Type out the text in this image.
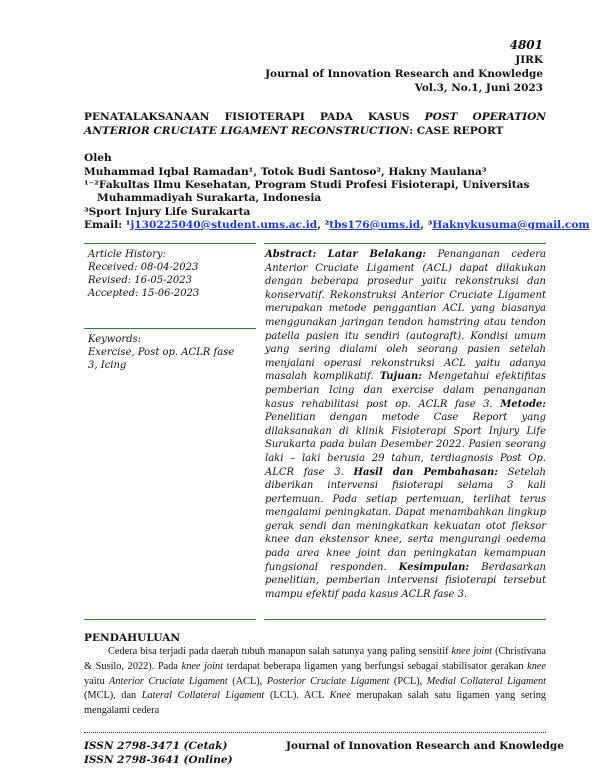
4801
JIRK
Journal of Innovation Research and Knowledge
Vol.3, No.1, Juni 2023
PENATALAKSANAAN FISIOTERAPI PADA KASUS POST OPERATION ANTERIOR CRUCIATE LIGAMENT RECONSTRUCTION: CASE REPORT
Oleh
Muhammad Iqbal Ramadan¹, Totok Budi Santoso², Hakny Maulana³
¹⁻²Fakultas Ilmu Kesehatan, Program Studi Profesi Fisioterapi, Universitas
Muhammadiyah Surakarta, Indonesia
³Sport Injury Life Surakarta
Email: ¹j130225040@student.ums.ac.id, ²tbs176@ums.id, ³Haknykusuma@gmail.com
Article History:
Received: 08-04-2023
Revised: 16-05-2023
Accepted: 15-06-2023
Keywords:
Exercise, Post op. ACLR fase 3, Icing
Abstract: Latar Belakang: Penanganan cedera Anterior Cruciate Ligament (ACL) dapat dilakukan dengan beberapa prosedur yaitu rekonstruksi dan konservatif. Rekonstruksi Anterior Cruciate Ligament merupakan metode penggantian ACL yang biasanya menggunakan jaringan tendon hamstring atau tendon patella pasien itu sendiri (autograft). Kondisi umum yang sering dialami oleh seorang pasien setelah menjalani operasi rekonstruksi ACL yaitu adanya masalah komplikatif. Tujuan: Mengetahui efektifitas pemberian Icing dan exercise dalam penanganan kasus rehabilitasi post op. ACLR fase 3. Metode: Penelitian dengan metode Case Report yang dilaksanakan di klinik Fisioterapi Sport Injury Life Surakarta pada bulan Desember 2022. Pasien seorang laki – laki berusia 29 tahun, terdiagnosis Post Op. ALCR fase 3. Hasil dan Pembahasan: Setelah diberikan intervensi fisioterapi selama 3 kali pertemuan. Pada setiap pertemuan, terlihat terus mengalami peningkatan. Dapat menambahkan lingkup gerak sendi dan meningkatkan kekuatan otot fleksor knee dan ekstensor knee, serta mengurangi oedema pada area knee joint dan peningkatan kemampuan fungsional responden. Kesimpulan: Berdasarkan penelitian, pemberian intervensi fisioterapi tersebut mampu efektif pada kasus ACLR fase 3.
PENDAHULUAN
Cedera bisa terjadi pada daerah tubuh manapun salah satunya yang paling sensitif knee joint (Christivana & Susilo, 2022). Pada knee joint terdapat beberapa ligamen yang berfungsi sebagai stabilisator gerakan knee yaitu Anterior Cruciate Ligament (ACL), Posterior Cruciate Ligament (PCL), Medial Collateral Ligament (MCL), dan Lateral Collateral Ligament (LCL). ACL Knee merupakan salah satu ligamen yang sering mengalami cedera
ISSN 2798-3471 (Cetak)
ISSN 2798-3641 (Online)
Journal of Innovation Research and Knowledge
